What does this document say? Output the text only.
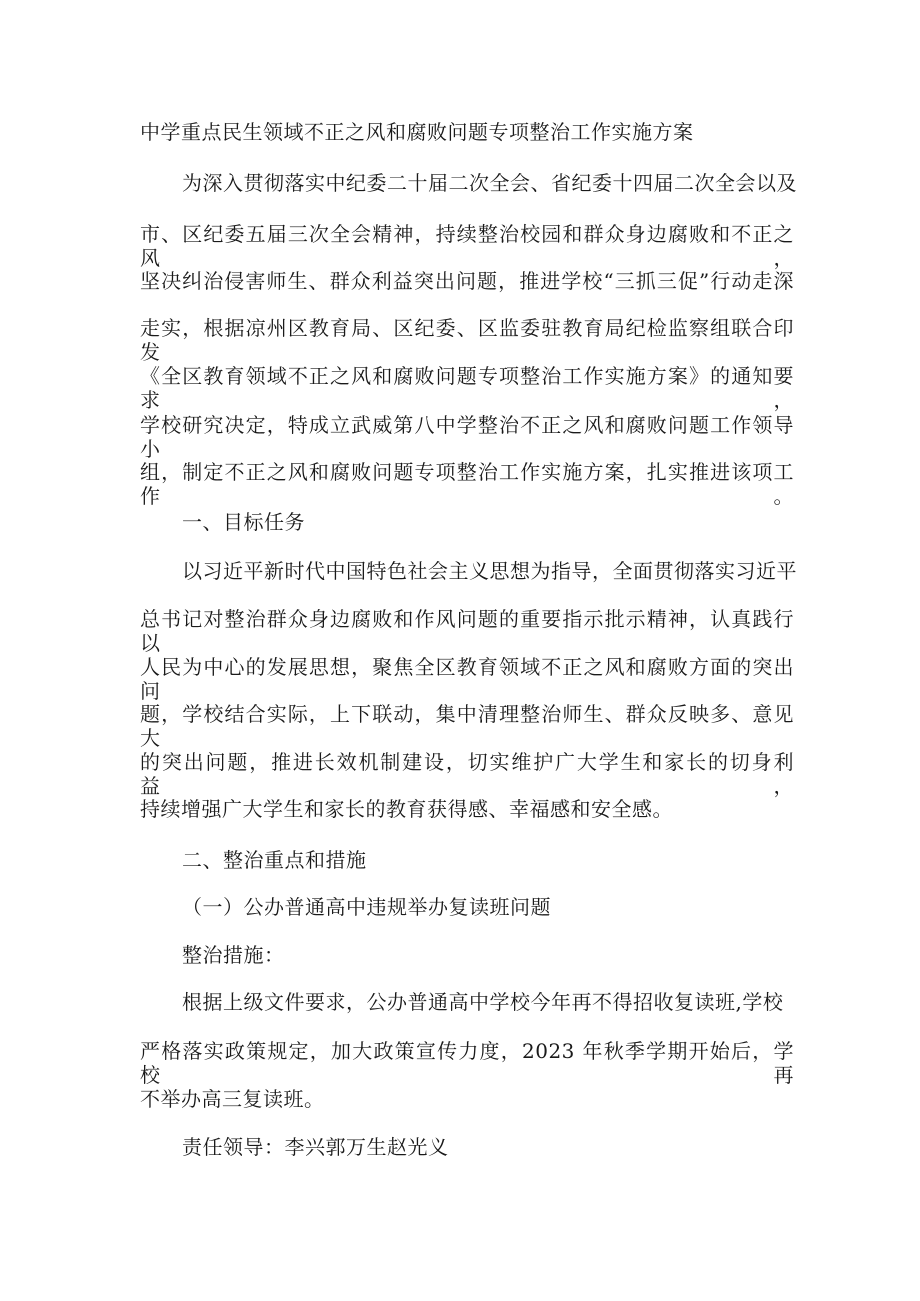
中学重点民生领域不正之风和腐败问题专项整治工作实施方案
为深入贯彻落实中纪委二十届二次全会、省纪委十四届二次全会以及
市、区纪委五届三次全会精神，持续整治校园和群众身边腐败和不正之风，
坚决纠治侵害师生、群众利益突出问题，推进学校“三抓三促”行动走深
走实，根据凉州区教育局、区纪委、区监委驻教育局纪检监察组联合印发
《全区教育领域不正之风和腐败问题专项整治工作实施方案》的通知要求，
学校研究决定，特成立武威第八中学整治不正之风和腐败问题工作领导小
组，制定不正之风和腐败问题专项整治工作实施方案，扎实推进该项工作。
一、目标任务
以习近平新时代中国特色社会主义思想为指导，全面贯彻落实习近平
总书记对整治群众身边腐败和作风问题的重要指示批示精神，认真践行以
人民为中心的发展思想，聚焦全区教育领域不正之风和腐败方面的突出问
题，学校结合实际，上下联动，集中清理整治师生、群众反映多、意见大
的突出问题，推进长效机制建设，切实维护广大学生和家长的切身利益，
持续增强广大学生和家长的教育获得感、幸福感和安全感。
二、整治重点和措施
（一）公办普通高中违规举办复读班问题
整治措施：
根据上级文件要求，公办普通高中学校今年再不得招收复读班,学校
严格落实政策规定，加大政策宣传力度，2023 年秋季学期开始后，学校再
不举办高三复读班。
责任领导：李兴郭万生赵光义
